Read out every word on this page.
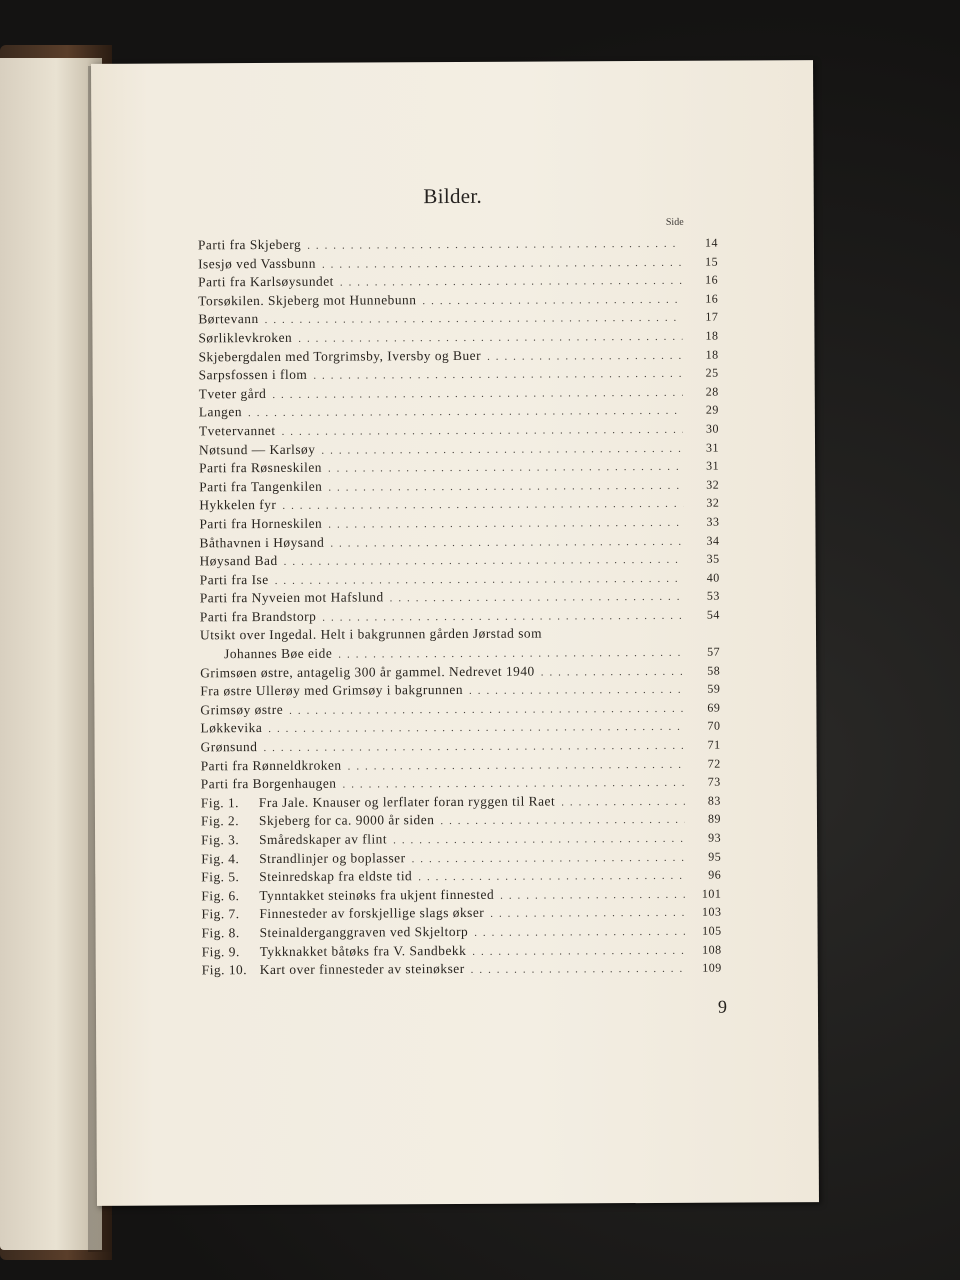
Bilder.
Side
Parti fra Skjeberg . . .	14
Isesjø ved Vassbunn . . .	15
Parti fra Karlsøysundet . . .	16
Torsøkilen. Skjeberg mot Hunnebunn . . .	16
Børtevann . . .	17
Sørliklevkroken . . .	18
Skjebergdalen med Torgrimsby, Iversby og Buer . . .	18
Sarpsfossen i flom . . .	25
Tveter gård . . .	28
Langen . . .	29
Tvetervannet . . .	30
Nøtsund — Karlsøy . . .	31
Parti fra Røsneskilen . . .	31
Parti fra Tangenkilen . . .	32
Hykkelen fyr . . .	32
Parti fra Horneskilen . . .	33
Båthavnen i Høysand . . .	34
Høysand Bad . . .	35
Parti fra Ise . . .	40
Parti fra Nyveien mot Hafslund . . .	53
Parti fra Brandstorp . . .	54
Utsikt over Ingedal. Helt i bakgrunnen gården Jørstad som
Johannes Bøe eide . . .	57
Grimsøen østre, antagelig 300 år gammel. Nedrevet 1940 . . .	58
Fra østre Ullerøy med Grimsøy i bakgrunnen . . .	59
Grimsøy østre . . .	69
Løkkevika . . .	70
Grønsund . . .	71
Parti fra Rønneldkroken . . .	72
Parti fra Borgenhaugen . . .	73
Fig. 1.	Fra Jale. Knauser og lerflater foran ryggen til Raet . . .	83
Fig. 2.	Skjeberg for ca. 9000 år siden . . .	89
Fig. 3.	Småredskaper av flint . . .	93
Fig. 4.	Strandlinjer og boplasser . . .	95
Fig. 5.	Steinredskap fra eldste tid . . .	96
Fig. 6.	Tynntakket steinøks fra ukjent finnested . . .	101
Fig. 7.	Finnesteder av forskjellige slags økser . . .	103
Fig. 8.	Steinalderganggraven ved Skjeltorp . . .	105
Fig. 9.	Tykknakket båtøks fra V. Sandbekk . . .	108
Fig. 10. Kart over finnesteder av steinøkser . . .	109
9
